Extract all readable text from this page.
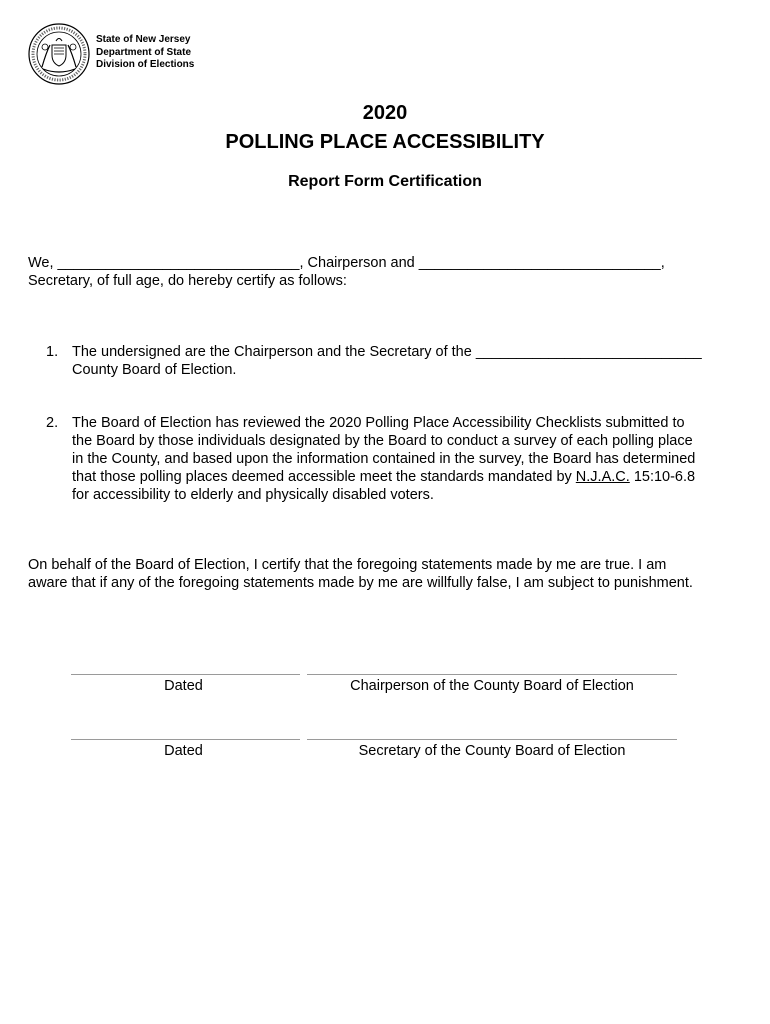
State of New Jersey
Department of State
Division of Elections
2020
POLLING PLACE ACCESSIBILITY
Report Form Certification
We, ______________________________, Chairperson and ______________________________,
Secretary, of full age, do hereby certify as follows:
1. The undersigned are the Chairperson and the Secretary of the ____________________________
County Board of Election.
2. The Board of Election has reviewed the 2020 Polling Place Accessibility Checklists submitted to
the Board by those individuals designated by the Board to conduct a survey of each polling place
in the County, and based upon the information contained in the survey, the Board has determined
that those polling places deemed accessible meet the standards mandated by N.J.A.C. 15:10-6.8
for accessibility to elderly and physically disabled voters.
On behalf of the Board of Election, I certify that the foregoing statements made by me are true. I am
aware that if any of the foregoing statements made by me are willfully false, I am subject to punishment.
Dated	Chairperson of the County Board of Election
Dated	Secretary of the County Board of Election
